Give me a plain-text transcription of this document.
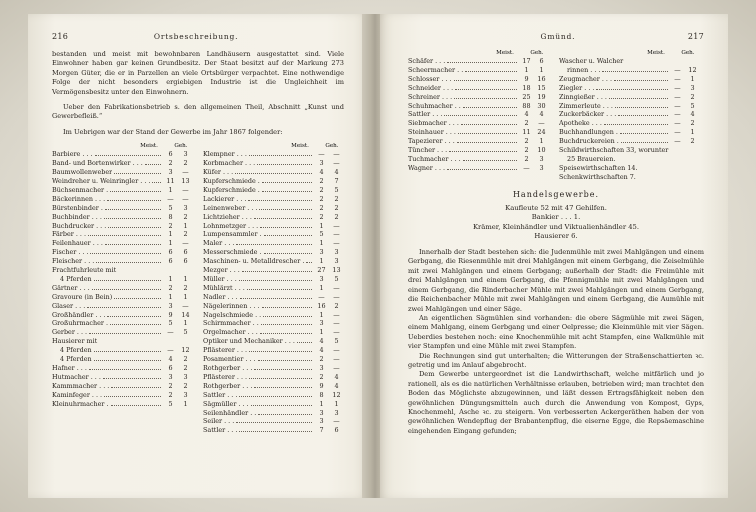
216	Ortsbeschreibung.

bestanden und meist mit bewohnbaren Landhäusern ausgestattet sind. Viele Einwohner haben gar keinen Grundbesitz. Der Staat besitzt auf der Markung 273 Morgen Güter, die er in Parzellen an viele Ortsbürger verpachtet. Eine nothwendige Folge der nicht besonders ergiebigen Industrie ist die Ungleichheit im Vermögensbesitz unter den Einwohnern.

Ueber den Fabrikationsbetrieb s. den allgemeinen Theil, Abschnitt „Kunst und Gewerbefleiß.“

Im Uebrigen war der Stand der Gewerbe im Jahr 1867 folgender:

Meist.	Geh.
Barbiere . . .	6	3
Band- und Bortenwirker . . .	2	2
Baumwollenweber	3	—
Weindreher u. Weinringler . . .	11	13
Büchsenmacher .	1	—
Bäckerinnen . . .	—	—
Bürstenbinder .	5	3
Buchbinder . . .	8	2
Buchdrucker . . .	2	1
Färber . . .	1	2
Feilenhauer . . .	1	—
Fischer . . .	6	6
Fleischer . . .	6	6
Frachtfuhrleute mit
4 Pferden	1	1
Gärtner . . .	2	2
Gravoure (in Bein)	1	1
Glaser . . .	3	—
Großhändler . . .	9	14
Großuhrmacher .	5	1
Gerber . . .	—	5
Hausierer mit
4 Pferden	—	12
4 Pferden	4	2
Hafner . . .	6	2
Hutmacher . . .	3	3
Kammmacher . . .	2	2
Kaminfeger . . .	2	3
Kleinuhrmacher .	5	1
Meist.	Geh.
Klempner . . .	—	—
Korbmacher . . .	3	—
Küfer . . .	4	4
Kupferschmiede .	2	7
Kupferschmiede .	2	5
Lackierer . . .	2	2
Leinenweber . . .	2	2
Lichtzieher . . .	2	2
Lohnmetzger . . .	1	—
Lumpensammler .	5	—
Maler . . .	1	—
Messerschmiede .	3	3
Maschinen- u. Metalldrescher .	1	3
Mezger . . .	27	13
Müller . . .	3	5
Mühlärzt . . .	1	—
Nadler . . .	—	—
Nägelerinnen . . .	16	2
Nagelschmiede . .	1	—
Schirmmacher . .	3	—
Orgelmacher . . .	1	—
Optiker und Mechaniker . . .	4	5
Pflästerer . . .	4	—
Posamentier . . .	2	—
Rothgerber . . .	3	—
Pflästerer . . .	2	4
Rothgerber . . .	9	4
Sattler . . .	8	12
Sägmüller . . .	1	1
Seilenhändler . .	3	3
Seiler . . .	3	—
Sattler . . .	7	6
Gmünd.	217
Meist.	Geh.
Schäfer . . .	17	6
Scheermacher . .	1	1
Schlosser . . .	9	16
Schneider . . .	18	15
Schreiner . . .	25	19
Schuhmacher . .	88	30
Sattler . . .	4	4
Siebmacher . . .	2	—
Steinhauer . . .	11	24
Tapezierer . . .	2	1
Tüncher . . .	2	10
Tuchmacher . . .	2	3
Wagner . . .	—	3
Meist.	Geh.
Wascher u. Walcher
rinnen . . .	—	12
Zeugmacher . . .	—	1
Ziegler . . .	—	3
Zinngießer . . .	—	2
Zimmerleute . . .	—	5
Zuckerbäcker . . .	—	4
Apotheke . . .	—	2
Buchhandlungen .	—	1
Buchdruckereien .	—	2
Schildwirthschaften 33, worunter
25 Brauereien.
Speisewirthschaften 14.
Schenkwirthschaften 7.
Handelsgewerbe.
Kaufleute 52 mit 47 Gehilfen.
Bankier . . . 1.
Krämer, Kleinhändler und Viktualienhändler 45.
Hausierer 6.

Innerhalb der Stadt bestehen sich: die Judenmühle mit zwei Mahlgängen und einem Gerbgang, die Riesenmühle mit drei Mahlgängen mit einem Gerbgang, die Zeiselmühle mit zwei Mahlgängen und einem Gerbgang; außerhalb der Stadt: die Freimühle mit drei Mahlgängen und einem Gerbgang, die Pfennigmühle mit zwei Mahlgängen und einem Gerbgang, die Rinderbacher Mühle mit zwei Mahlgängen und einem Gerbgang, die Reichenbacher Mühle mit zwei Mahlgängen und einem Gerbgang, die Aumühle mit zwei Mahlgängen und einer Säge.

An eigentlichen Sägmühlen sind vorhanden: die obere Sägmühle mit zwei Sägen, einem Mahlgang, einem Gerbgang und einer Oelpresse; die Kleinmühle mit vier Sägen. Ueberdies bestehen noch: eine Knochenmühle mit acht Stampfen, eine Walkmühle mit vier Stampfen und eine Mühle mit zwei Stampfen.

Die Rechnungen sind gut unterhalten; die Witterungen der Straßenschattierten ꝛc. getretig und im Anlauf abgebrocht.

Dem Gewerbe untergeordnet ist die Landwirthschaft, welche mitfärlich und jo rationell, als es die natürlichen Verhältnisse erlauben, betrieben wird; man trachtet den Boden das Möglichste abzugewinnen, und läßt dessen Ertragsfähigkeit neben den gewöhnlichen Düngungsmitteln auch durch die Anwendung von Kompost, Gyps, Knochenmehl, Asche ꝛc. zu steigern. Von verbesserten Ackergeräthen haben der von gewöhnlichen Wendepflug der Brabantenpflug, die eiserne Egge, die Repsäemaschine eingehenden Eingang gefunden;
